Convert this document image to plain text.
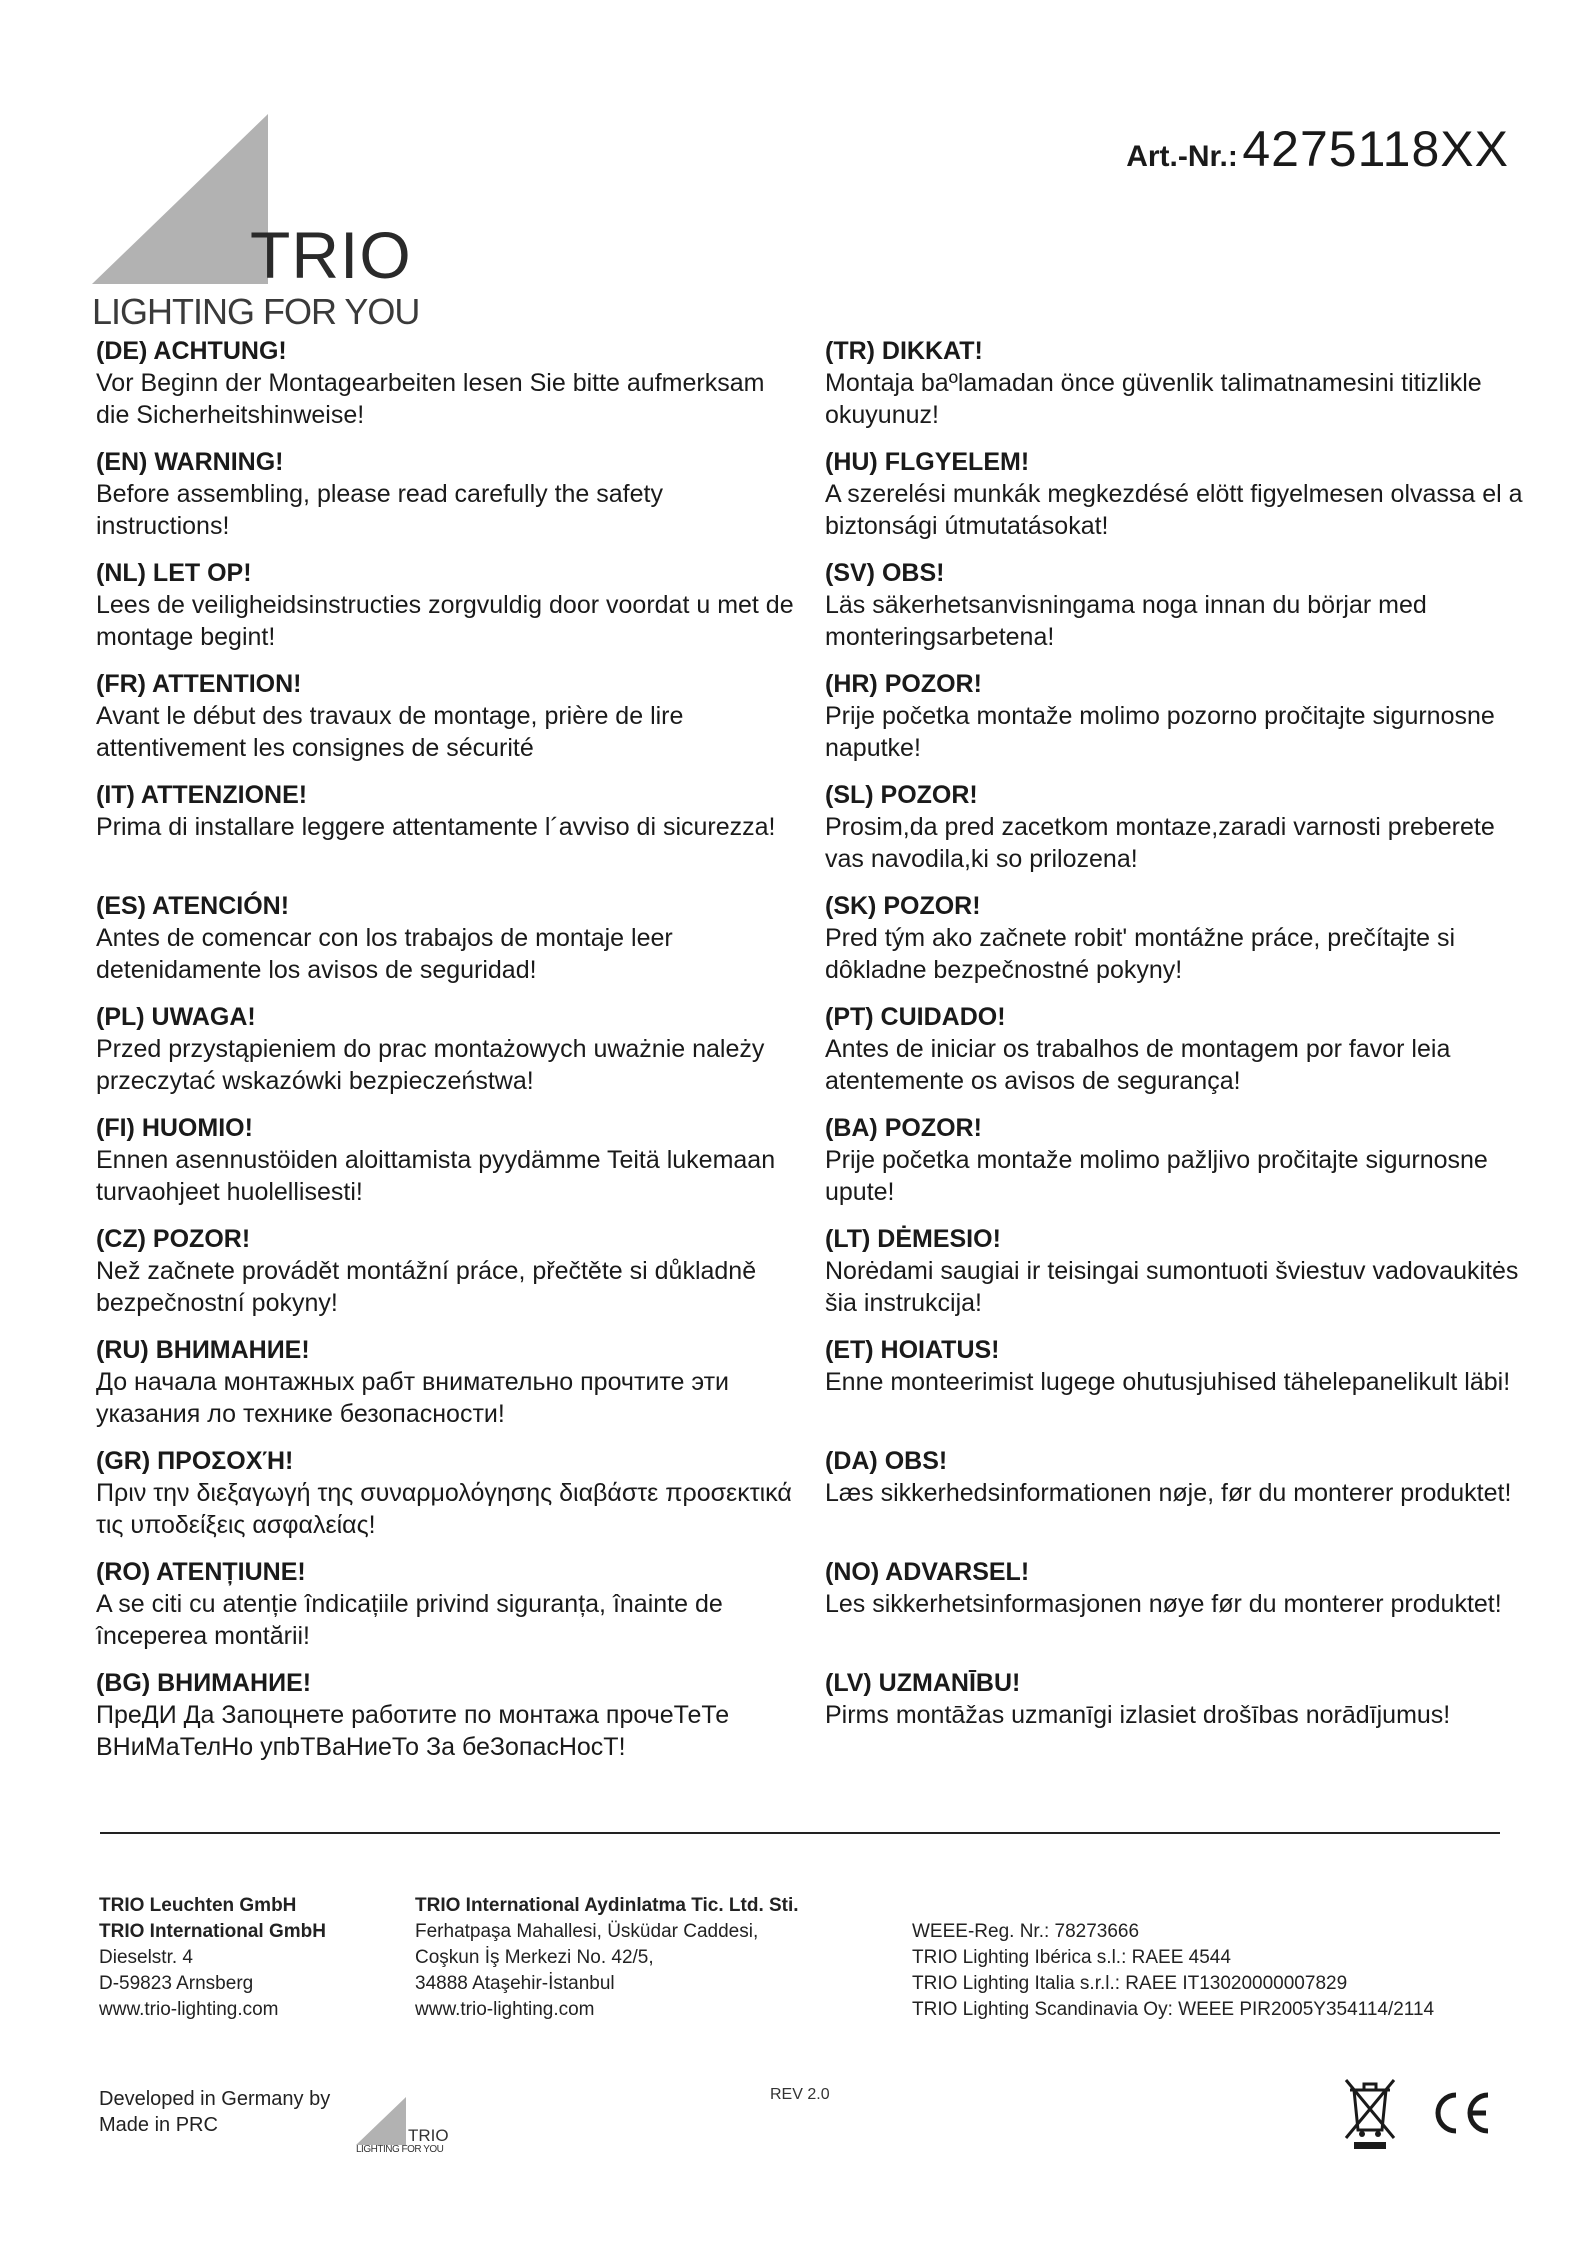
TRIO
LIGHTING FOR YOU
Art.-Nr.: 4275118XX
(DE) ACHTUNG!
Vor Beginn der Montagearbeiten lesen Sie bitte aufmerksam die Sicherheitshinweise!
(EN) WARNING!
Before assembling, please read carefully the safety instructions!
(NL) LET OP!
Lees de veiligheidsinstructies zorgvuldig door voordat u met de montage begint!
(FR) ATTENTION!
Avant le début des travaux de montage, prière de lire attentivement les consignes de sécurité
(IT) ATTENZIONE!
Prima di installare leggere attentamente l´avviso di sicurezza!
(ES) ATENCIÓN!
Antes de comencar con los trabajos de montaje leer detenidamente los avisos de seguridad!
(PL) UWAGA!
Przed przystąpieniem do prac montażowych uważnie należy przeczytać wskazówki bezpieczeństwa!
(FI) HUOMIO!
Ennen asennustöiden aloittamista pyydämme Teitä lukemaan turvaohjeet huolellisesti!
(CZ) POZOR!
Než začnete provádět montážní práce, přečtěte si důkladně bezpečnostní pokyny!
(RU) ВНИМАНИЕ!
До начала монтажных рабт внимательно прочтите эти указания ло технике безопасности!
(GR) ΠΡΟΣΟΧΉ!
Πριν την διεξαγωγή της συναρμολόγησης διαβάστε προσεκτικά τις υποδείξεις ασφαλείας!
(RO) ATENȚIUNE!
A se citi cu atenție îndicațiile privind siguranța, înainte de începerea montării!
(BG) ВНИМАНИЕ!
ПреДИ Да Запоцнете работите по монтажа прочеТеТе ВНиМаТелНо упbТВаНиеТо За беЗопасНосТ!
(TR) DIKKAT!
Montaja baºlamadan önce güvenlik talimatnamesini titizlikle okuyunuz!
(HU) FLGYELEM!
A szerelési munkák megkezdésé elött figyelmesen olvassa el a biztonsági útmutatásokat!
(SV) OBS!
Läs säkerhetsanvisningama noga innan du börjar med monteringsarbetena!
(HR) POZOR!
Prije početka montaže molimo pozorno pročitajte sigurnosne naputke!
(SL) POZOR!
Prosim,da pred zacetkom montaze,zaradi varnosti preberete vas navodila,ki so prilozena!
(SK) POZOR!
Pred tým ako začnete robit' montážne práce, prečítajte si dôkladne bezpečnostné pokyny!
(PT) CUIDADO!
Antes de iniciar os trabalhos de montagem por favor leia atentemente os avisos de segurança!
(BA) POZOR!
Prije početka montaže molimo pažljivo pročitajte sigurnosne upute!
(LT) DĖMESIO!
Norėdami saugiai ir teisingai sumontuoti šviestuv vadovaukitės šia instrukcija!
(ET) HOIATUS!
Enne monteerimist lugege ohutusjuhised tähelepanelikult läbi!
(DA) OBS!
Læs sikkerhedsinformationen nøje, før du monterer produktet!
(NO) ADVARSEL!
Les sikkerhetsinformasjonen nøye før du monterer produktet!
(LV) UZMANĪBU!
Pirms montāžas uzmanīgi izlasiet drošības norādījumus!
TRIO Leuchten GmbH
TRIO International GmbH
Dieselstr. 4
D-59823 Arnsberg
www.trio-lighting.com
TRIO International Aydinlatma Tic. Ltd. Sti.
Ferhatpaşa Mahallesi, Üsküdar Caddesi,
Coşkun İş Merkezi No. 42/5,
34888 Ataşehir-İstanbul
www.trio-lighting.com
WEEE-Reg. Nr.: 78273666
TRIO Lighting Ibérica s.l.: RAEE 4544
TRIO Lighting Italia s.r.l.: RAEE IT13020000007829
TRIO Lighting Scandinavia Oy: WEEE PIR2005Y354114/2114
Developed in Germany by
Made in PRC	TRIO
LIGHTING FOR YOU
REV 2.0
